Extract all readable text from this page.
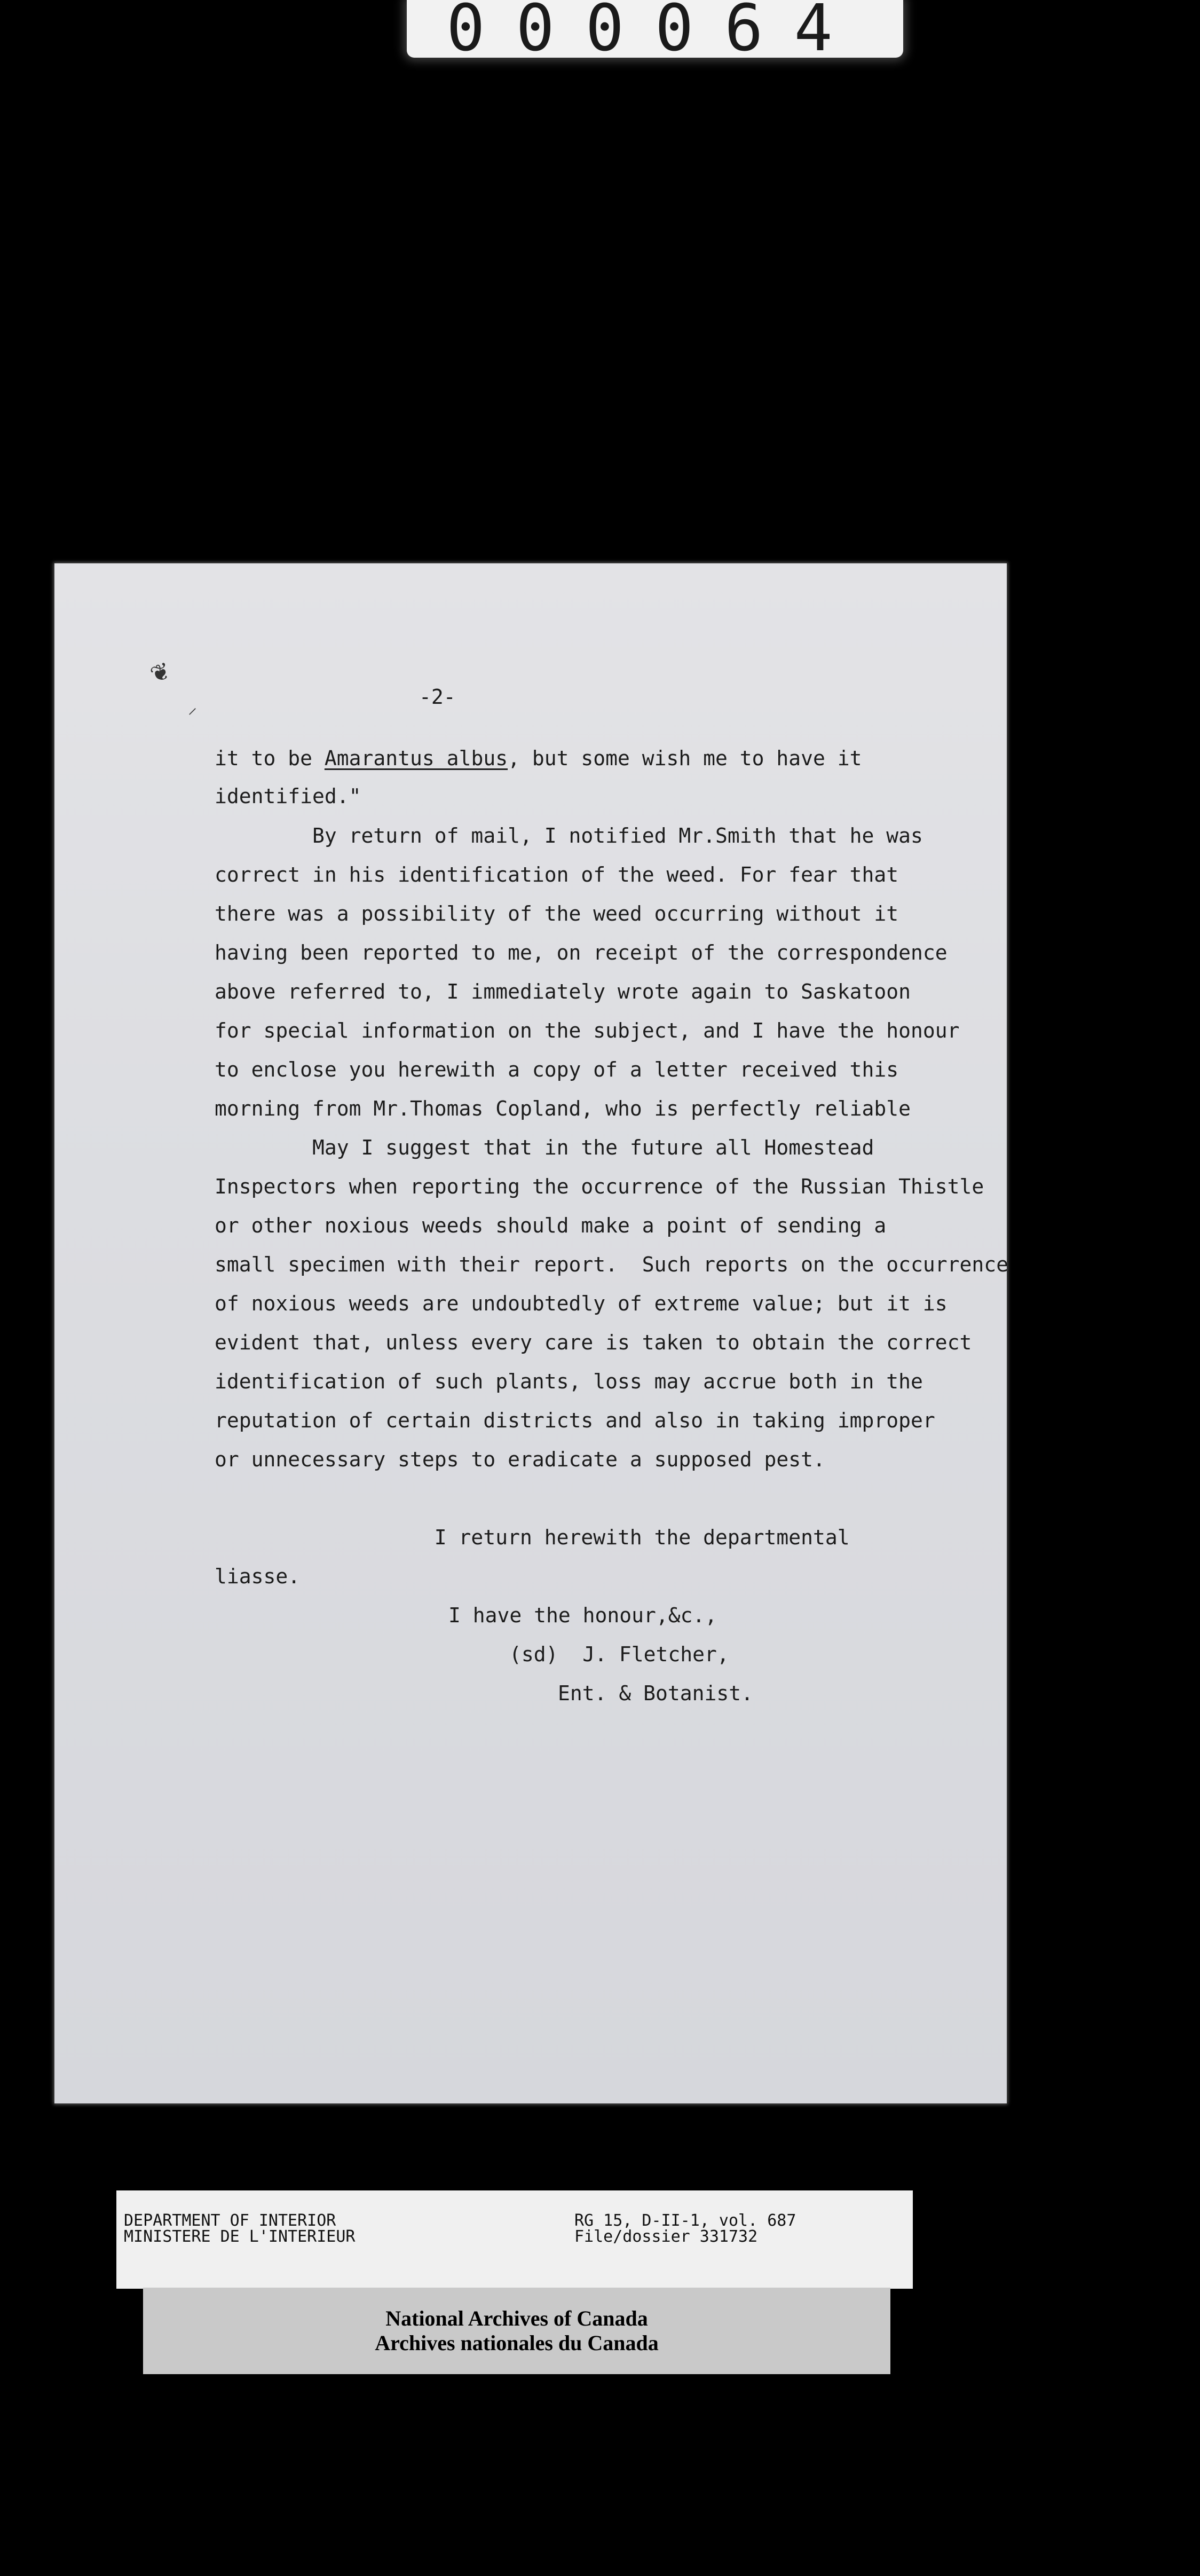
000064
❦
⸝	-2-
it to be Amarantus albus, but some wish me to have it
identified."
By return of mail, I notified Mr.Smith that he was
correct in his identification of the weed. For fear that
there was a possibility of the weed occurring without it
having been reported to me, on receipt of the correspondence
above referred to, I immediately wrote again to Saskatoon
for special information on the subject, and I have the honour
to enclose you herewith a copy of a letter received this
morning from Mr.Thomas Copland, who is perfectly reliable
May I suggest that in the future all Homestead
Inspectors when reporting the occurrence of the Russian Thistle
or other noxious weeds should make a point of sending a
small specimen with their report.  Such reports on the occurrence
of noxious weeds are undoubtedly of extreme value; but it is
evident that, unless every care is taken to obtain the correct
identification of such plants, loss may accrue both in the
reputation of certain districts and also in taking improper
or unnecessary steps to eradicate a supposed pest.
I return herewith the departmental
liasse.
I have the honour,&c.,
(sd)  J. Fletcher,
Ent. & Botanist.
DEPARTMENT OF INTERIOR
MINISTERE DE L'INTERIEUR
RG 15, D-II-1, vol. 687
File/dossier 331732
National Archives of Canada
Archives nationales du Canada
